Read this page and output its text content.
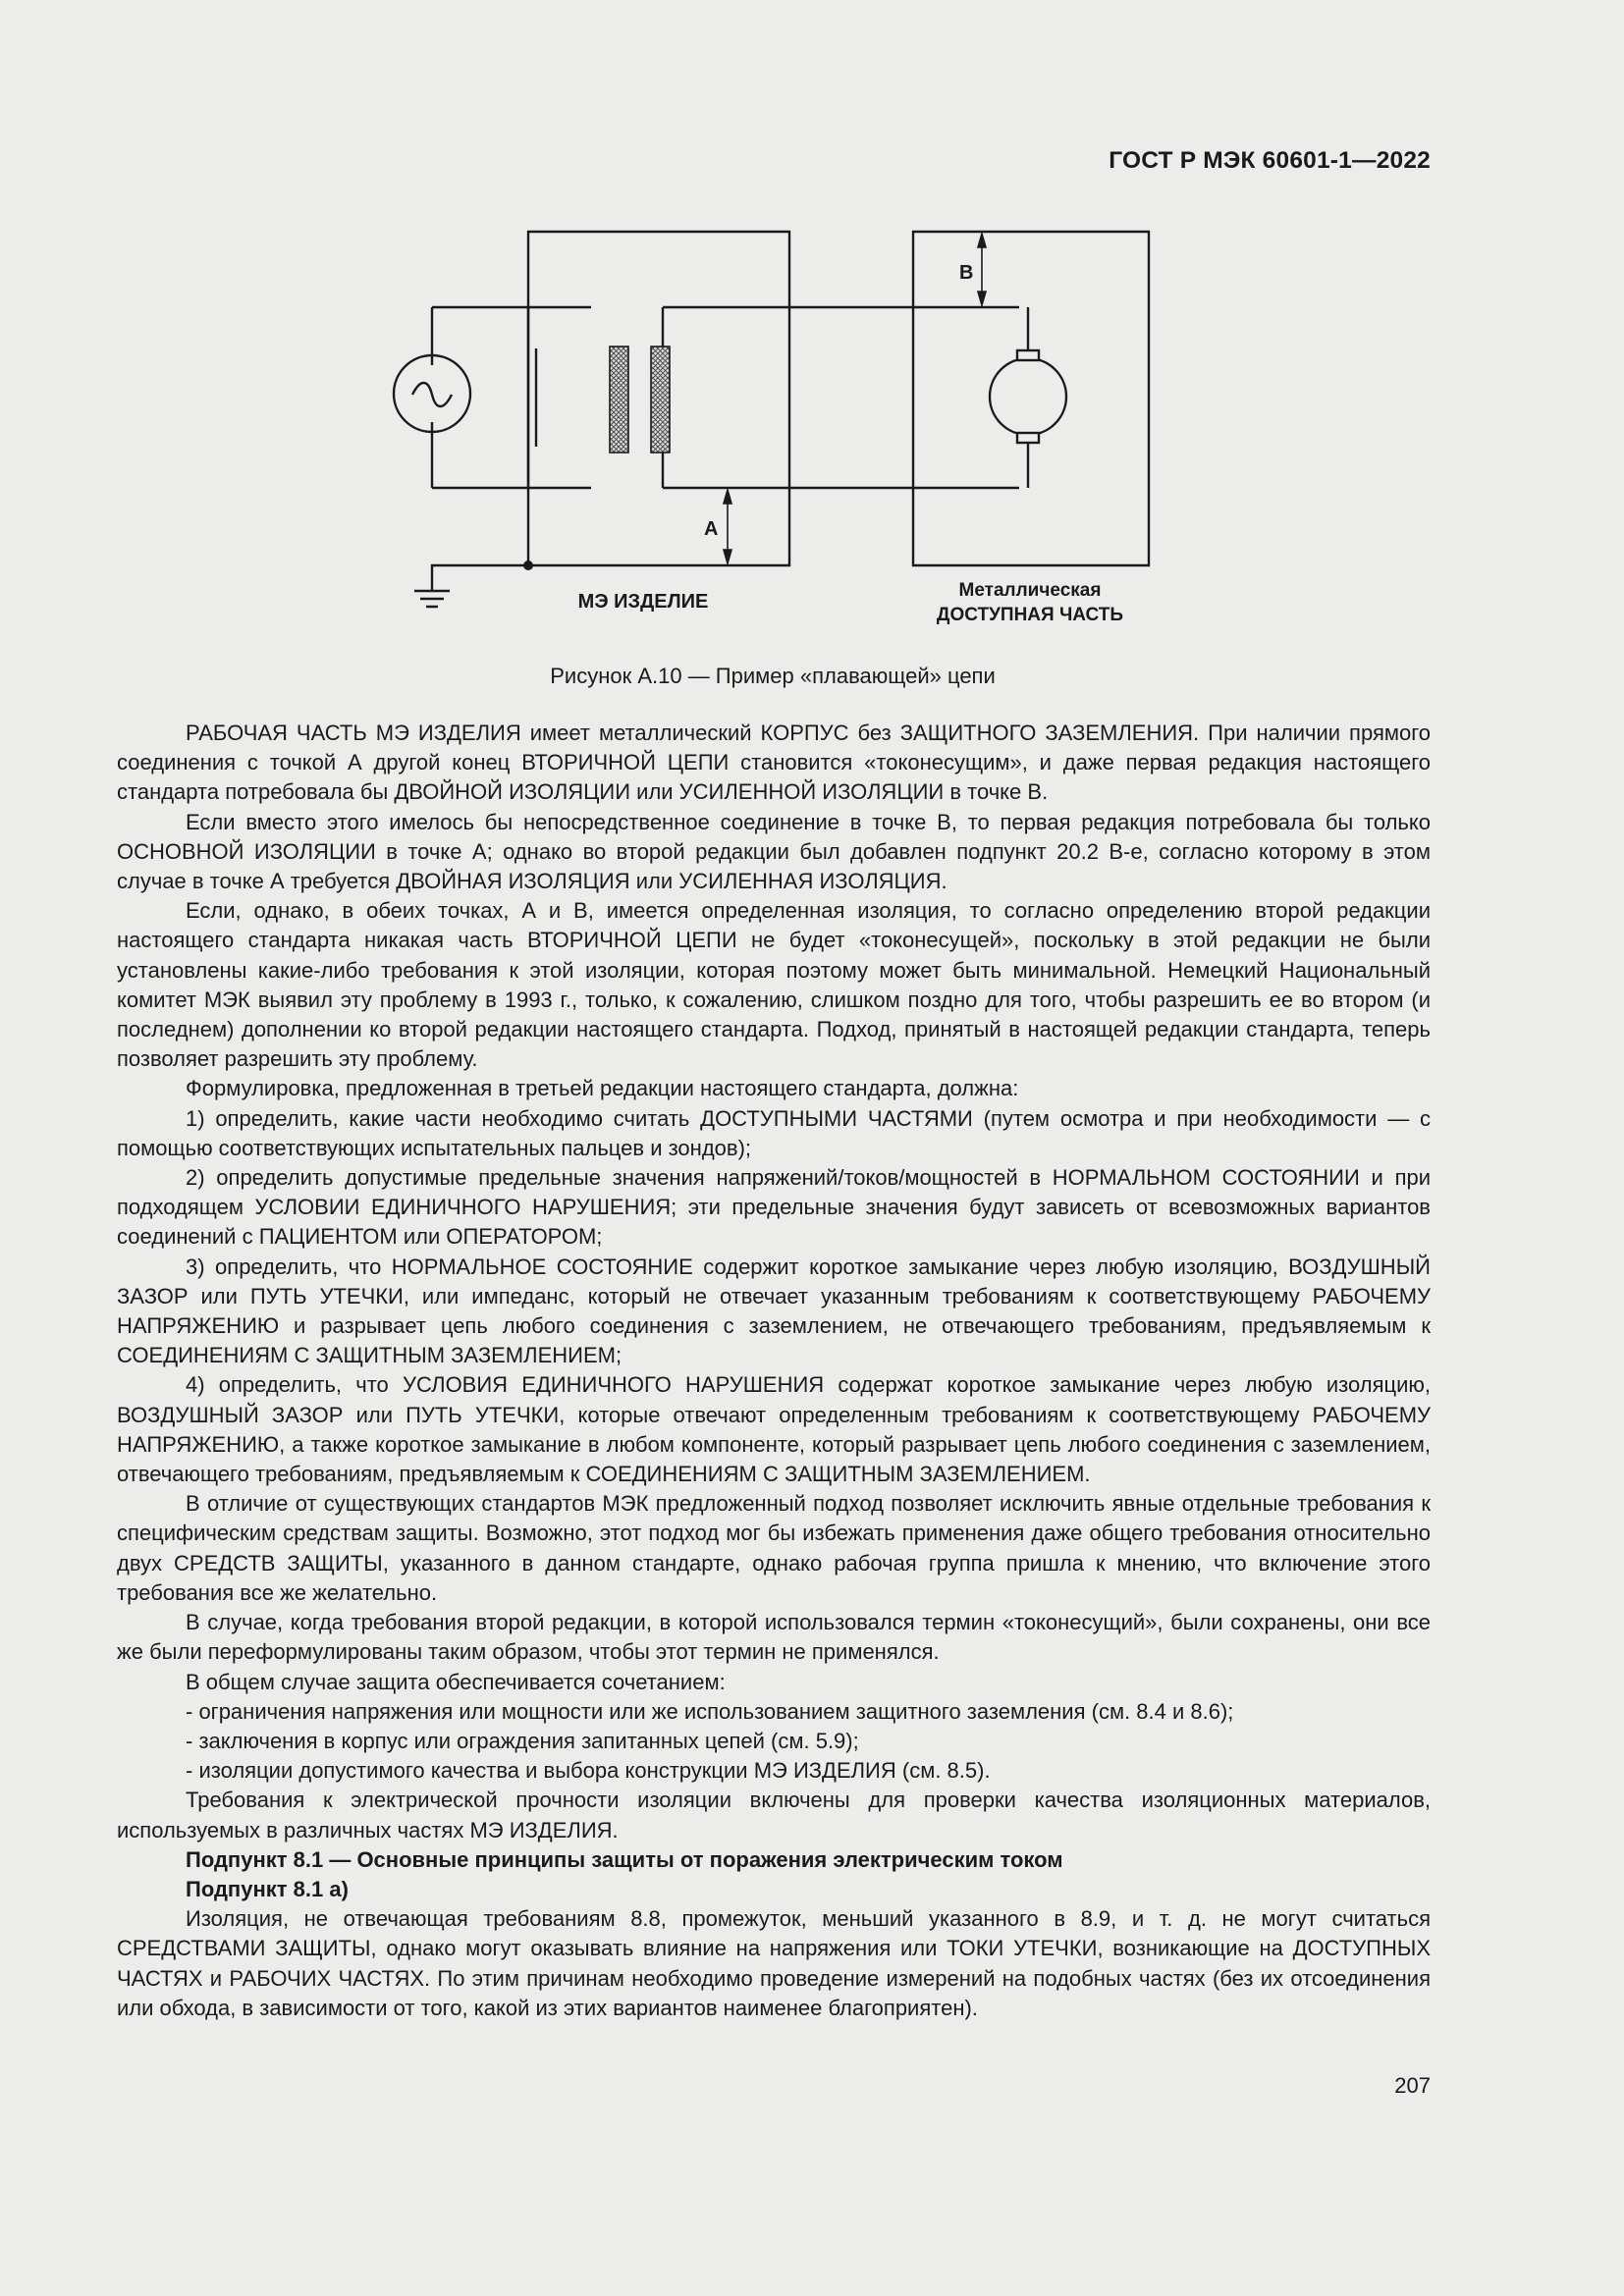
ГОСТ Р МЭК 60601-1—2022
B
A
МЭ ИЗДЕЛИЕ
Металлическая
ДОСТУПНАЯ ЧАСТЬ
Рисунок А.10 — Пример «плавающей» цепи

РАБОЧАЯ ЧАСТЬ МЭ ИЗДЕЛИЯ имеет металлический КОРПУС без ЗАЩИТНОГО ЗАЗЕМЛЕНИЯ. При наличии прямого соединения с точкой А другой конец ВТОРИЧНОЙ ЦЕПИ становится «токонесущим», и даже первая редакция настоящего стандарта потребовала бы ДВОЙНОЙ ИЗОЛЯЦИИ или УСИЛЕННОЙ ИЗОЛЯЦИИ в точке В.

Если вместо этого имелось бы непосредственное соединение в точке В, то первая редакция потребовала бы только ОСНОВНОЙ ИЗОЛЯЦИИ в точке А; однако во второй редакции был добавлен подпункт 20.2 В-е, согласно которому в этом случае в точке А требуется ДВОЙНАЯ ИЗОЛЯЦИЯ или УСИЛЕННАЯ ИЗОЛЯЦИЯ.

Если, однако, в обеих точках, А и В, имеется определенная изоляция, то согласно определению второй редакции настоящего стандарта никакая часть ВТОРИЧНОЙ ЦЕПИ не будет «токонесущей», поскольку в этой редакции не были установлены какие-либо требования к этой изоляции, которая поэтому может быть минимальной. Немецкий Национальный комитет МЭК выявил эту проблему в 1993 г., только, к сожалению, слишком поздно для того, чтобы разрешить ее во втором (и последнем) дополнении ко второй редакции настоящего стандарта. Подход, принятый в настоящей редакции стандарта, теперь позволяет разрешить эту проблему.

Формулировка, предложенная в третьей редакции настоящего стандарта, должна:

1) определить, какие части необходимо считать ДОСТУПНЫМИ ЧАСТЯМИ (путем осмотра и при необходимости — с помощью соответствующих испытательных пальцев и зондов);

2) определить допустимые предельные значения напряжений/токов/мощностей в НОРМАЛЬНОМ СОСТОЯНИИ и при подходящем УСЛОВИИ ЕДИНИЧНОГО НАРУШЕНИЯ; эти предельные значения будут зависеть от всевозможных вариантов соединений с ПАЦИЕНТОМ или ОПЕРАТОРОМ;

3) определить, что НОРМАЛЬНОЕ СОСТОЯНИЕ содержит короткое замыкание через любую изоляцию, ВОЗДУШНЫЙ ЗАЗОР или ПУТЬ УТЕЧКИ, или импеданс, который не отвечает указанным требованиям к соответствующему РАБОЧЕМУ НАПРЯЖЕНИЮ и разрывает цепь любого соединения с заземлением, не отвечающего требованиям, предъявляемым к СОЕДИНЕНИЯМ С ЗАЩИТНЫМ ЗАЗЕМЛЕНИЕМ;

4) определить, что УСЛОВИЯ ЕДИНИЧНОГО НАРУШЕНИЯ содержат короткое замыкание через любую изоляцию, ВОЗДУШНЫЙ ЗАЗОР или ПУТЬ УТЕЧКИ, которые отвечают определенным требованиям к соответствующему РАБОЧЕМУ НАПРЯЖЕНИЮ, а также короткое замыкание в любом компоненте, который разрывает цепь любого соединения с заземлением, отвечающего требованиям, предъявляемым к СОЕДИНЕНИЯМ С ЗАЩИТНЫМ ЗАЗЕМЛЕНИЕМ.

В отличие от существующих стандартов МЭК предложенный подход позволяет исключить явные отдельные требования к специфическим средствам защиты. Возможно, этот подход мог бы избежать применения даже общего требования относительно двух СРЕДСТВ ЗАЩИТЫ, указанного в данном стандарте, однако рабочая группа пришла к мнению, что включение этого требования все же желательно.

В случае, когда требования второй редакции, в которой использовался термин «токонесущий», были сохранены, они все же были переформулированы таким образом, чтобы этот термин не применялся.

В общем случае защита обеспечивается сочетанием:

- ограничения напряжения или мощности или же использованием защитного заземления (см. 8.4 и 8.6);

- заключения в корпус или ограждения запитанных цепей (см. 5.9);

- изоляции допустимого качества и выбора конструкции МЭ ИЗДЕЛИЯ (см. 8.5).

Требования к электрической прочности изоляции включены для проверки качества изоляционных материалов, используемых в различных частях МЭ ИЗДЕЛИЯ.

Подпункт 8.1 — Основные принципы защиты от поражения электрическим током

Подпункт 8.1 а)

Изоляция, не отвечающая требованиям 8.8, промежуток, меньший указанного в 8.9, и т. д. не могут считаться СРЕДСТВАМИ ЗАЩИТЫ, однако могут оказывать влияние на напряжения или ТОКИ УТЕЧКИ, возникающие на ДОСТУПНЫХ ЧАСТЯХ и РАБОЧИХ ЧАСТЯХ. По этим причинам необходимо проведение измерений на подобных частях (без их отсоединения или обхода, в зависимости от того, какой из этих вариантов наименее благоприятен).

207
